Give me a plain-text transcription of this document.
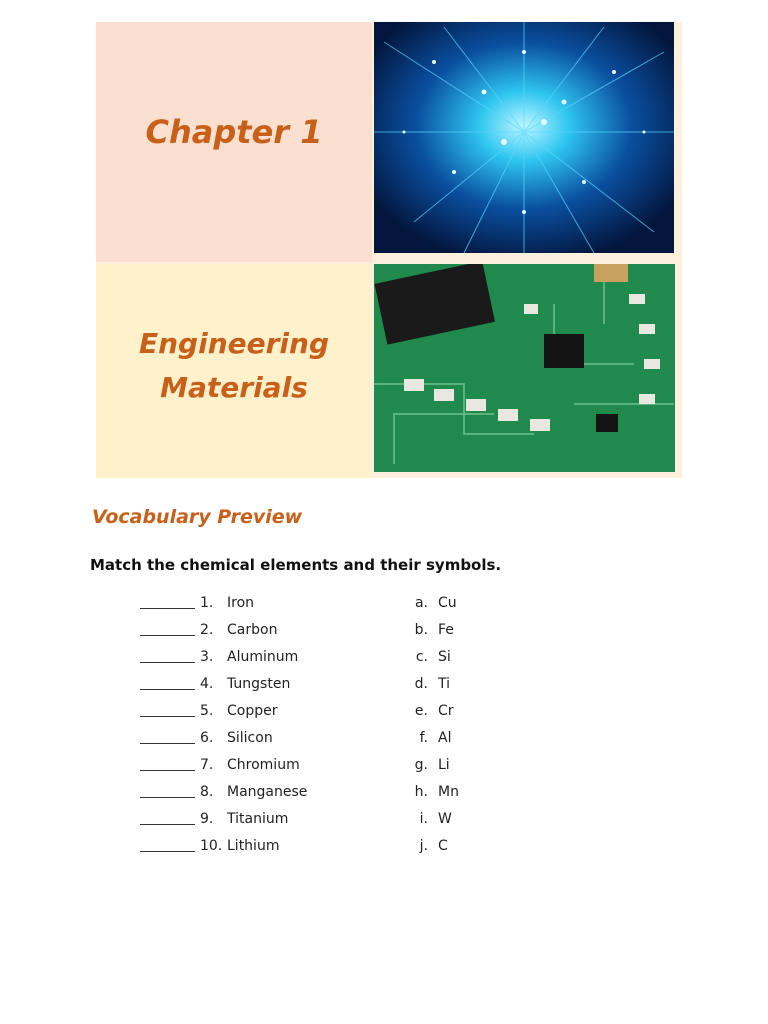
Chapter 1
Engineering
Materials
Vocabulary Preview
Match the chemical elements and their symbols.
1. Iron	a. Cu
2. Carbon	b. Fe
3. Aluminum	c. Si
4. Tungsten	d. Ti
5. Copper	e. Cr
6. Silicon	f. Al
7. Chromium	g. Li
8. Manganese	h. Mn
9. Titanium	i. W
10. Lithium	j. C
